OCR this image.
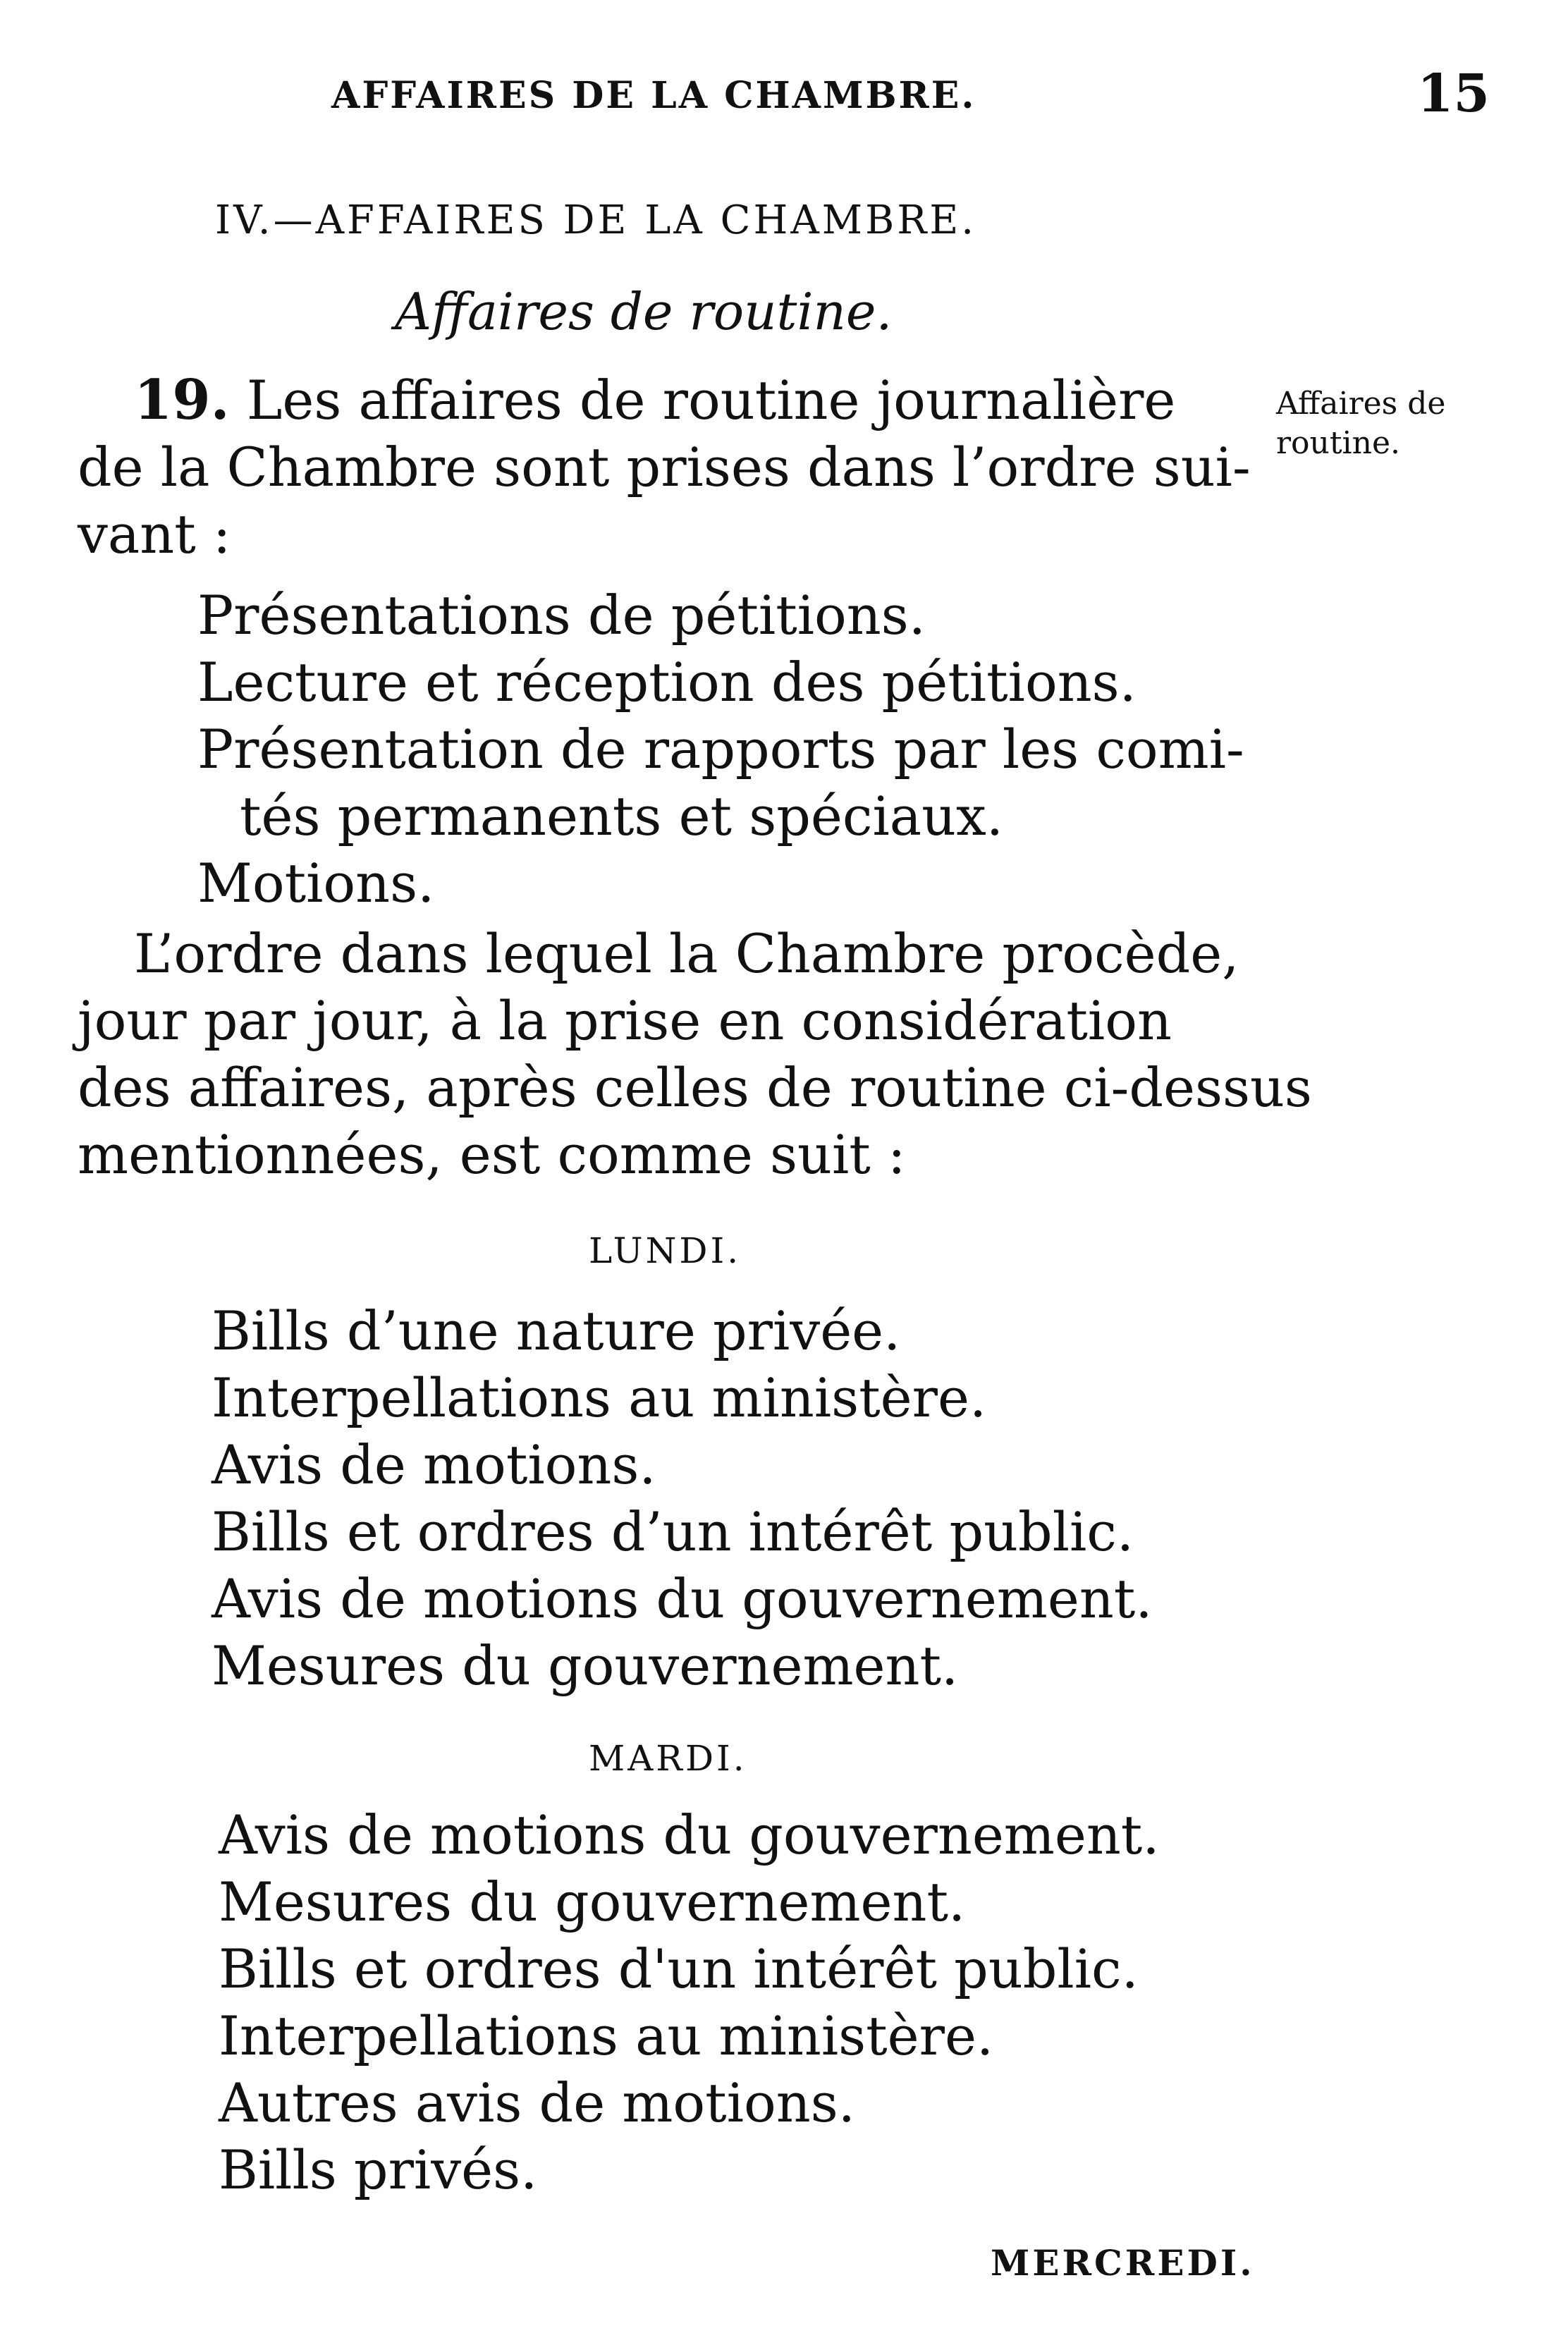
AFFAIRES DE LA CHAMBRE.	15
IV.—AFFAIRES DE LA CHAMBRE.
Affaires de routine.
19. Les affaires de routine journalière
de la Chambre sont prises dans l’ordre sui-
vant :
Affaires de routine.
Présentations de pétitions.
Lecture et réception des pétitions.
Présentation de rapports par les comi-
tés permanents et spéciaux.
Motions.
L’ordre dans lequel la Chambre procède,
jour par jour, à la prise en considération
des affaires, après celles de routine ci-dessus
mentionnées, est comme suit :
LUNDI.
Bills d’une nature privée.
Interpellations au ministère.
Avis de motions.
Bills et ordres d’un intérêt public.
Avis de motions du gouvernement.
Mesures du gouvernement.
MARDI.
Avis de motions du gouvernement.
Mesures du gouvernement.
Bills et ordres d'un intérêt public.
Interpellations au ministère.
Autres avis de motions.
Bills privés.
MERCREDI.
